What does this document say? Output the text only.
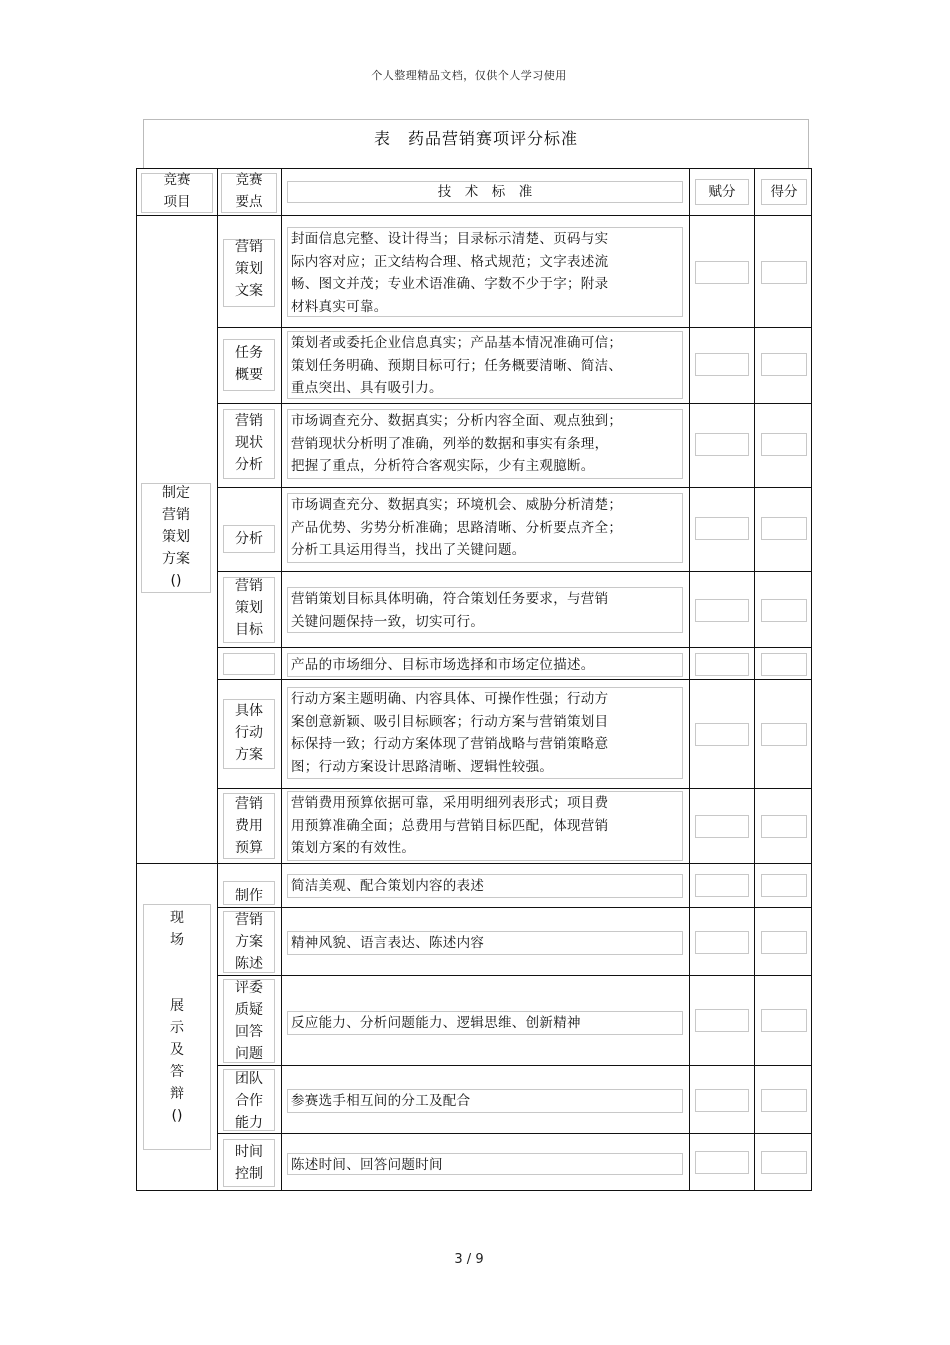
个人整理精品文档，仅供个人学习使用
表　药品营销赛项评分标准
竞赛
项目
竞赛
要点
技　术　标　准	赋分	得分
制定
营销
策划
方案
()
现
场

展
示
及
答
辩
()
营销
策划
文案
封面信息完整、设计得当；目录标示清楚、页码与实
际内容对应；正文结构合理、格式规范；文字表述流
畅、图文并茂；专业术语准确、字数不少于字；附录
材料真实可靠。
任务
概要
策划者或委托企业信息真实；产品基本情况准确可信；
策划任务明确、预期目标可行；任务概要清晰、简洁、
重点突出、具有吸引力。
营销
现状
分析
市场调查充分、数据真实；分析内容全面、观点独到；
营销现状分析明了准确，列举的数据和事实有条理，
把握了重点，分析符合客观实际，少有主观臆断。
分析
市场调查充分、数据真实；环境机会、威胁分析清楚；
产品优势、劣势分析准确；思路清晰、分析要点齐全；
分析工具运用得当，找出了关键问题。
营销
策划
目标
营销策划目标具体明确，符合策划任务要求，与营销
关键问题保持一致，切实可行。
产品的市场细分、目标市场选择和市场定位描述。
具体
行动
方案
行动方案主题明确、内容具体、可操作性强；行动方
案创意新颖、吸引目标顾客；行动方案与营销策划目
标保持一致；行动方案体现了营销战略与营销策略意
图；行动方案设计思路清晰、逻辑性较强。
营销
费用
预算
营销费用预算依据可靠，采用明细列表形式；项目费
用预算准确全面；总费用与营销目标匹配，体现营销
策划方案的有效性。
制作
简洁美观、配合策划内容的表述
营销
方案
陈述
精神风貌、语言表达、陈述内容
评委
质疑
回答
问题
反应能力、分析问题能力、逻辑思维、创新精神
团队
合作
能力
参赛选手相互间的分工及配合
时间
控制
陈述时间、回答问题时间
3 / 9
